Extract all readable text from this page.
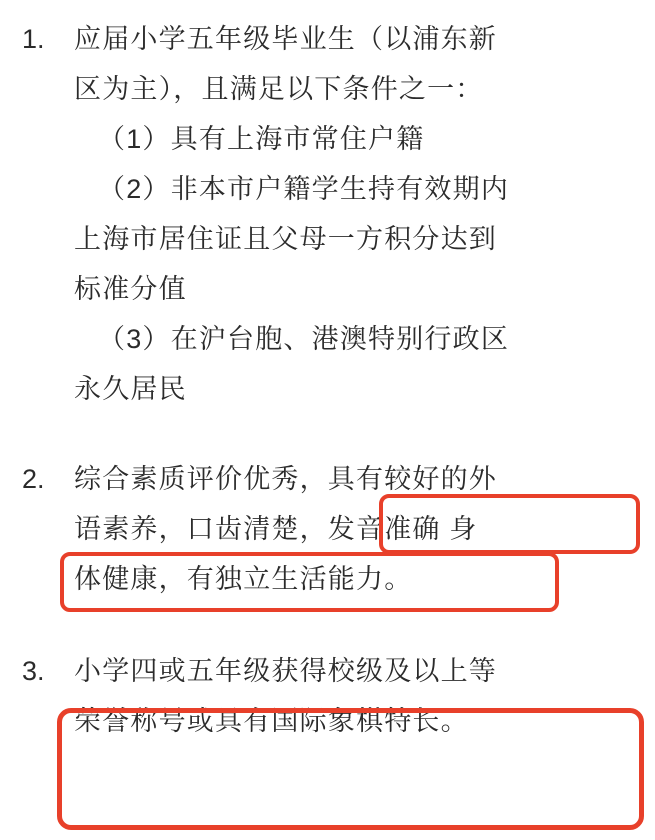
1.	应届小学五年级毕业生（以浦东新
区为主），且满足以下条件之一：
（1）具有上海市常住户籍
（2）非本市户籍学生持有效期内
上海市居住证且父母一方积分达到
标准分值
（3）在沪台胞、港澳特别行政区
永久居民
2.	综合素质评价优秀，具有较好的外
语素养，口齿清楚，发音准确 身
体健康，有独立生活能力。
3.	小学四或五年级获得校级及以上等
荣誉称号或具有国际象棋特长。
